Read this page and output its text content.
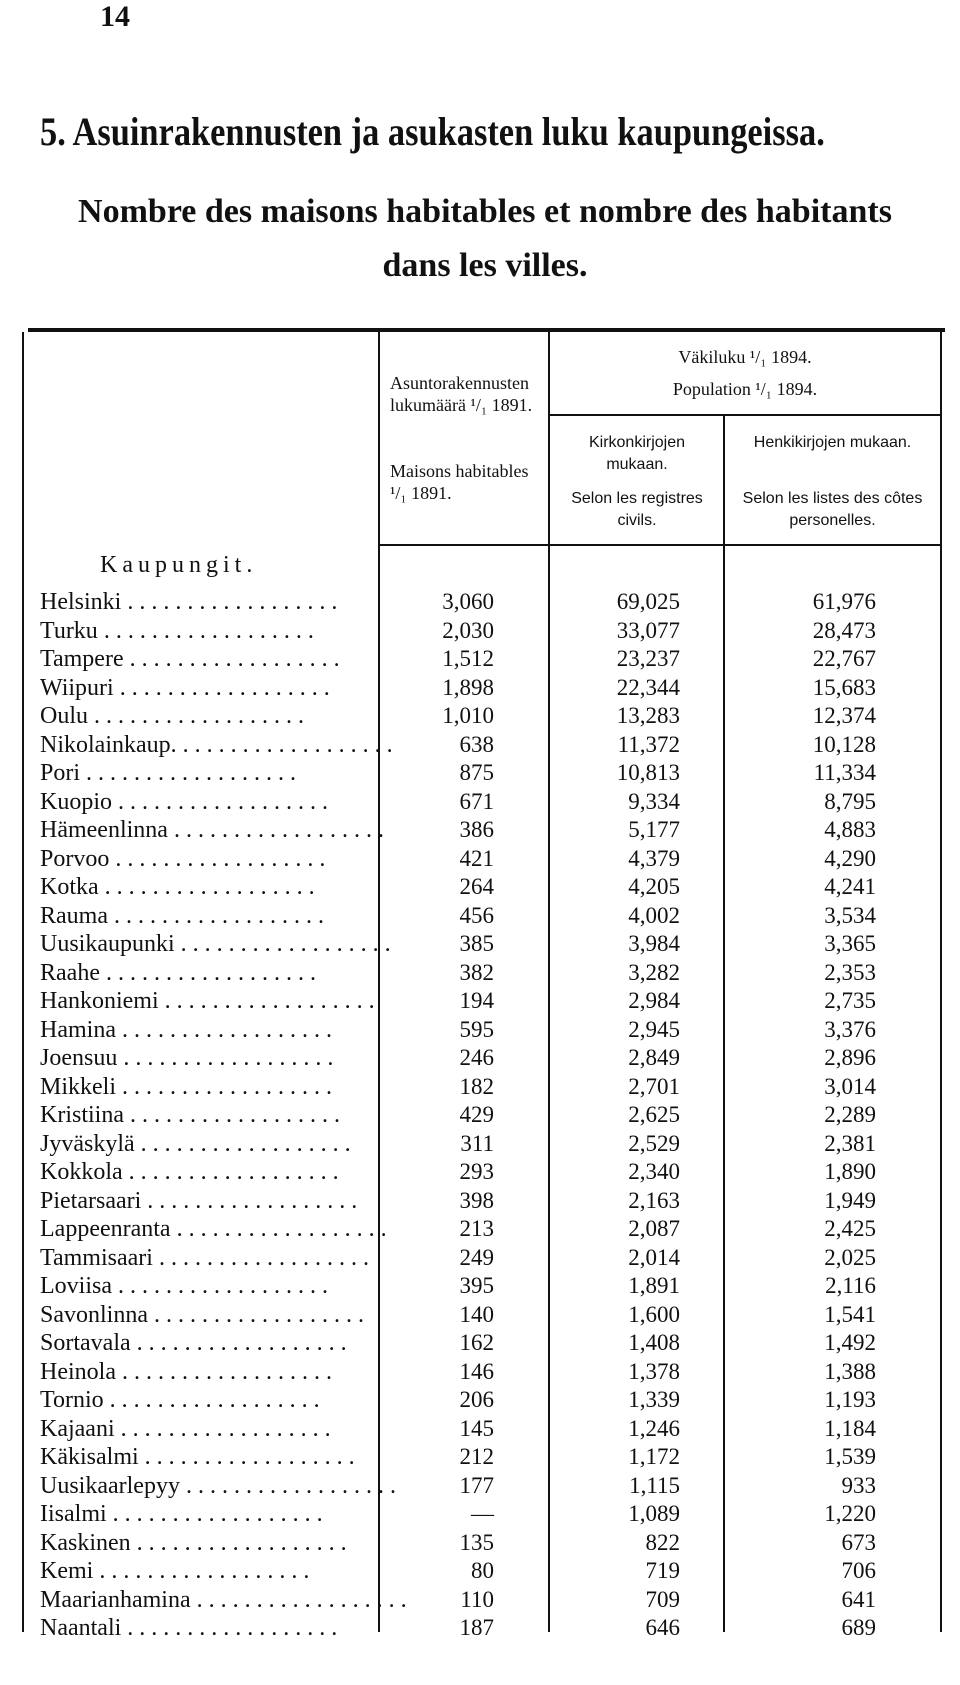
14
5. Asuinrakennusten ja asukasten luku kaupungeissa.
Nombre des maisons habitables et nombre des habitants dans les villes.
Asuntorakennusten lukumäärä ¹/₁ 1891.
Maisons habitables ¹/₁ 1891.
Väkiluku ¹/₁ 1894.
Population ¹/₁ 1894.
Kirkonkirjojen mukaan.
Selon les registres civils.
Henkikirjojen mukaan.
Selon les listes des côtes personelles.
Kaupungit.
Helsinki . . . . . . . . . . . . . . . . . .	3,060	69,025	61,976
Turku . . . . . . . . . . . . . . . . . .	2,030	33,077	28,473
Tampere . . . . . . . . . . . . . . . . . .	1,512	23,237	22,767
Wiipuri . . . . . . . . . . . . . . . . . .	1,898	22,344	15,683
Oulu . . . . . . . . . . . . . . . . . .	1,010	13,283	12,374
Nikolainkaup. . . . . . . . . . . . . . . . . . .	638	11,372	10,128
Pori . . . . . . . . . . . . . . . . . .	875	10,813	11,334
Kuopio . . . . . . . . . . . . . . . . . .	671	9,334	8,795
Hämeenlinna . . . . . . . . . . . . . . . . . .	386	5,177	4,883
Porvoo . . . . . . . . . . . . . . . . . .	421	4,379	4,290
Kotka . . . . . . . . . . . . . . . . . .	264	4,205	4,241
Rauma . . . . . . . . . . . . . . . . . .	456	4,002	3,534
Uusikaupunki . . . . . . . . . . . . . . . . . .	385	3,984	3,365
Raahe . . . . . . . . . . . . . . . . . .	382	3,282	2,353
Hankoniemi . . . . . . . . . . . . . . . . . .	194	2,984	2,735
Hamina . . . . . . . . . . . . . . . . . .	595	2,945	3,376
Joensuu . . . . . . . . . . . . . . . . . .	246	2,849	2,896
Mikkeli . . . . . . . . . . . . . . . . . .	182	2,701	3,014
Kristiina . . . . . . . . . . . . . . . . . .	429	2,625	2,289
Jyväskylä . . . . . . . . . . . . . . . . . .	311	2,529	2,381
Kokkola . . . . . . . . . . . . . . . . . .	293	2,340	1,890
Pietarsaari . . . . . . . . . . . . . . . . . .	398	2,163	1,949
Lappeenranta . . . . . . . . . . . . . . . . . .	213	2,087	2,425
Tammisaari . . . . . . . . . . . . . . . . . .	249	2,014	2,025
Loviisa . . . . . . . . . . . . . . . . . .	395	1,891	2,116
Savonlinna . . . . . . . . . . . . . . . . . .	140	1,600	1,541
Sortavala . . . . . . . . . . . . . . . . . .	162	1,408	1,492
Heinola . . . . . . . . . . . . . . . . . .	146	1,378	1,388
Tornio . . . . . . . . . . . . . . . . . .	206	1,339	1,193
Kajaani . . . . . . . . . . . . . . . . . .	145	1,246	1,184
Käkisalmi . . . . . . . . . . . . . . . . . .	212	1,172	1,539
Uusikaarlepyy . . . . . . . . . . . . . . . . . .	177	1,115	933
Iisalmi . . . . . . . . . . . . . . . . . .	—	1,089	1,220
Kaskinen . . . . . . . . . . . . . . . . . .	135	822	673
Kemi . . . . . . . . . . . . . . . . . .	80	719	706
Maarianhamina . . . . . . . . . . . . . . . . . .	110	709	641
Naantali . . . . . . . . . . . . . . . . . .	187	646	689
